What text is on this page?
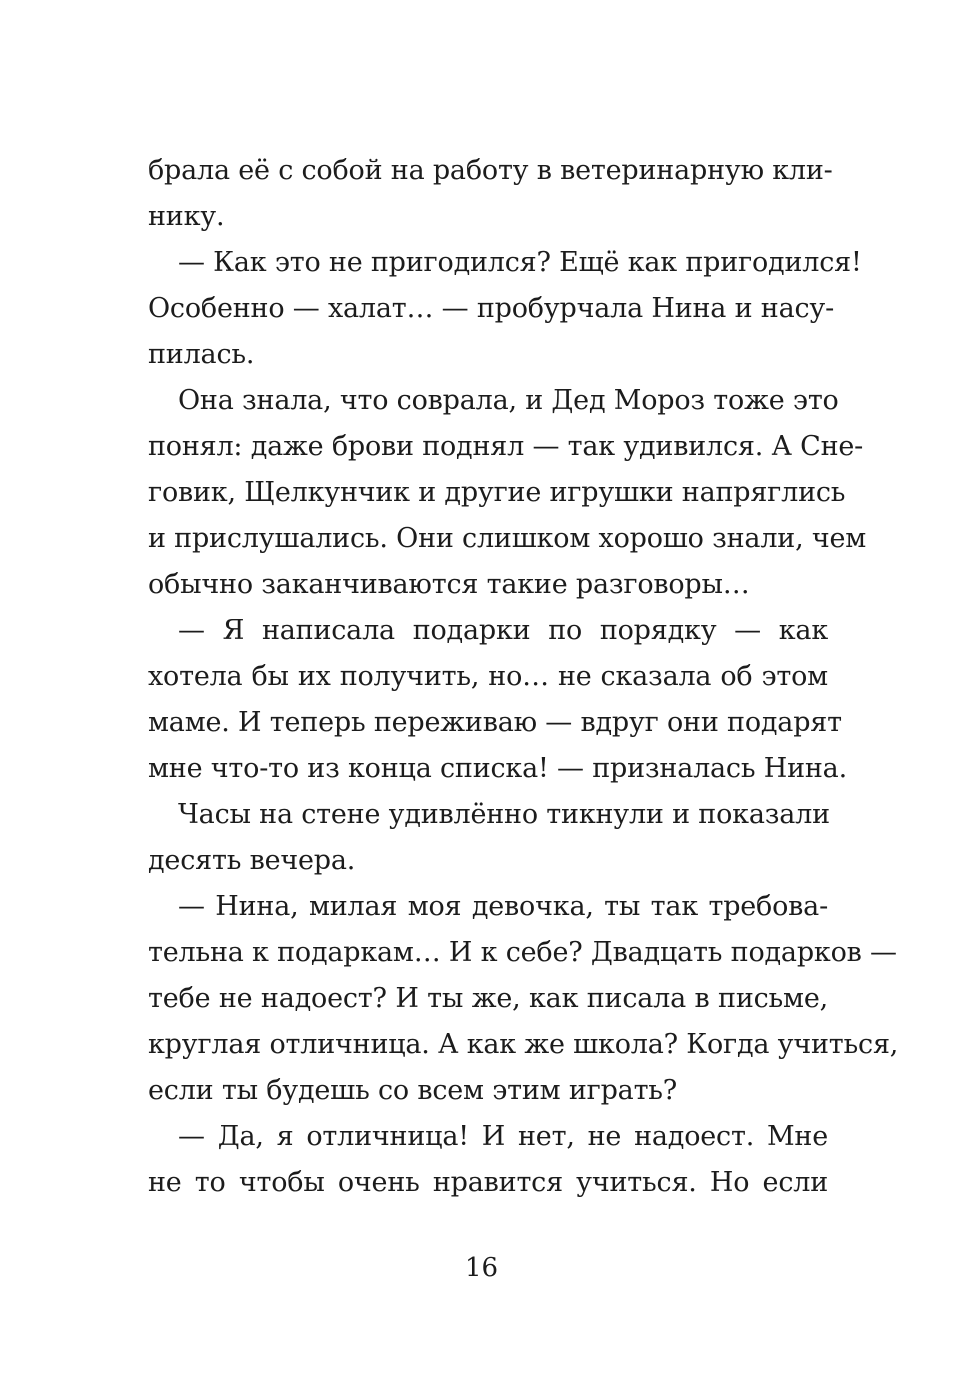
брала её с собой на работу в ветеринарную кли-
нику.
— Как это не пригодился? Ещё как пригодился!
Особенно — халат… — пробурчала Нина и насу-
пилась.
Она знала, что соврала, и Дед Мороз тоже это
понял: даже брови поднял — так удивился. А Сне-
говик, Щелкунчик и другие игрушки напряглись
и прислушались. Они слишком хорошо знали, чем
обычно заканчиваются такие разговоры…
— Я написала подарки по порядку — как
хотела бы их получить, но… не сказала об этом
маме. И теперь переживаю — вдруг они подарят
мне что-то из конца списка! — призналась Нина.
Часы на стене удивлённо тикнули и показали
десять вечера.
— Нина, милая моя девочка, ты так требова-
тельна к подаркам… И к себе? Двадцать подарков —
тебе не надоест? И ты же, как писала в письме,
круглая отличница. А как же школа? Когда учиться,
если ты будешь со всем этим играть?
— Да, я отличница! И нет, не надоест. Мне
не то чтобы очень нравится учиться. Но если
16
